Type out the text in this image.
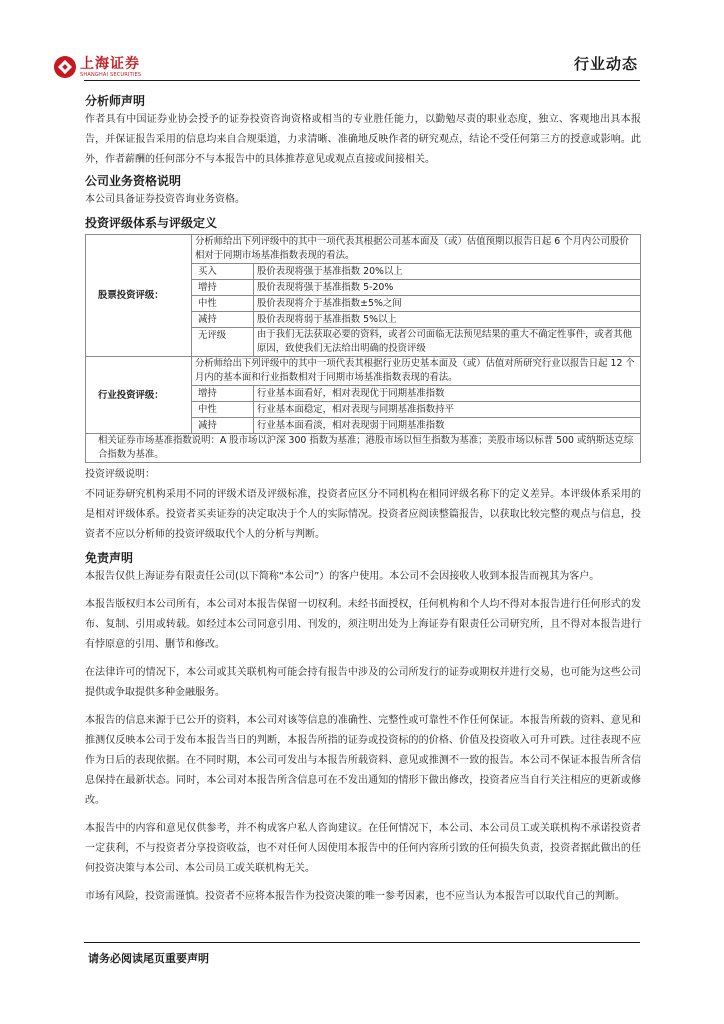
上海证券
SHANGHAI SECURITIES
行业动态
分析师声明

作者具有中国证券业协会授予的证券投资咨询资格或相当的专业胜任能力，以勤勉尽责的职业态度，独立、客观地出具本报告，并保证报告采用的信息均来自合规渠道，力求清晰、准确地反映作者的研究观点，结论不受任何第三方的授意或影响。此外，作者薪酬的任何部分不与本报告中的具体推荐意见或观点直接或间接相关。

公司业务资格说明

本公司具备证券投资咨询业务资格。

投资评级体系与评级定义
股票投资评级：	分析师给出下列评级中的其中一项代表其根据公司基本面及（或）估值预期以报告日起 6 个月内公司股价相对于同期市场基准指数表现的看法。	
	买入	股价表现将强于基准指数 20%以上
	增持	股价表现将强于基准指数 5-20%
	中性	股价表现将介于基准指数±5%之间
	减持	股价表现将弱于基准指数 5%以上
	无评级	由于我们无法获取必要的资料，或者公司面临无法预见结果的重大不确定性事件，或者其他原因，致使我们无法给出明确的投资评级
行业投资评级：	分析师给出下列评级中的其中一项代表其根据行业历史基本面及（或）估值对所研究行业以报告日起 12 个月内的基本面和行业指数相对于同期市场基准指数表现的看法。	
	增持	行业基本面看好，相对表现优于同期基准指数
	中性	行业基本面稳定，相对表现与同期基准指数持平
	减持	行业基本面看淡，相对表现弱于同期基准指数
相关证券市场基准指数说明：A 股市场以沪深 300 指数为基准；港股市场以恒生指数为基准；美股市场以标普 500 或纳斯达克综合指数为基准。		

投资评级说明：

不同证券研究机构采用不同的评级术语及评级标准，投资者应区分不同机构在相同评级名称下的定义差异。本评级体系采用的是相对评级体系。投资者买卖证券的决定取决于个人的实际情况。投资者应阅读整篇报告，以获取比较完整的观点与信息，投资者不应以分析师的投资评级取代个人的分析与判断。

免责声明

本报告仅供上海证券有限责任公司(以下简称“本公司”）的客户使用。本公司不会因接收人收到本报告而视其为客户。

本报告版权归本公司所有，本公司对本报告保留一切权利。未经书面授权，任何机构和个人均不得对本报告进行任何形式的发布、复制、引用或转载。如经过本公司同意引用、刊发的，须注明出处为上海证券有限责任公司研究所，且不得对本报告进行有悖原意的引用、删节和修改。

在法律许可的情况下，本公司或其关联机构可能会持有报告中涉及的公司所发行的证券或期权并进行交易，也可能为这些公司提供或争取提供多种金融服务。

本报告的信息来源于已公开的资料，本公司对该等信息的准确性、完整性或可靠性不作任何保证。本报告所载的资料、意见和推测仅反映本公司于发布本报告当日的判断，本报告所指的证券或投资标的的价格、价值及投资收入可升可跌。过往表现不应作为日后的表现依据。在不同时期，本公司可发出与本报告所载资料、意见或推测不一致的报告。本公司不保证本报告所含信息保持在最新状态。同时，本公司对本报告所含信息可在不发出通知的情形下做出修改，投资者应当自行关注相应的更新或修改。

本报告中的内容和意见仅供参考，并不构成客户私人咨询建议。在任何情况下，本公司、本公司员工或关联机构不承诺投资者一定获利，不与投资者分享投资收益，也不对任何人因使用本报告中的任何内容所引致的任何损失负责，投资者据此做出的任何投资决策与本公司、本公司员工或关联机构无关。

市场有风险，投资需谨慎。投资者不应将本报告作为投资决策的唯一参考因素，也不应当认为本报告可以取代自己的判断。

请务必阅读尾页重要声明
